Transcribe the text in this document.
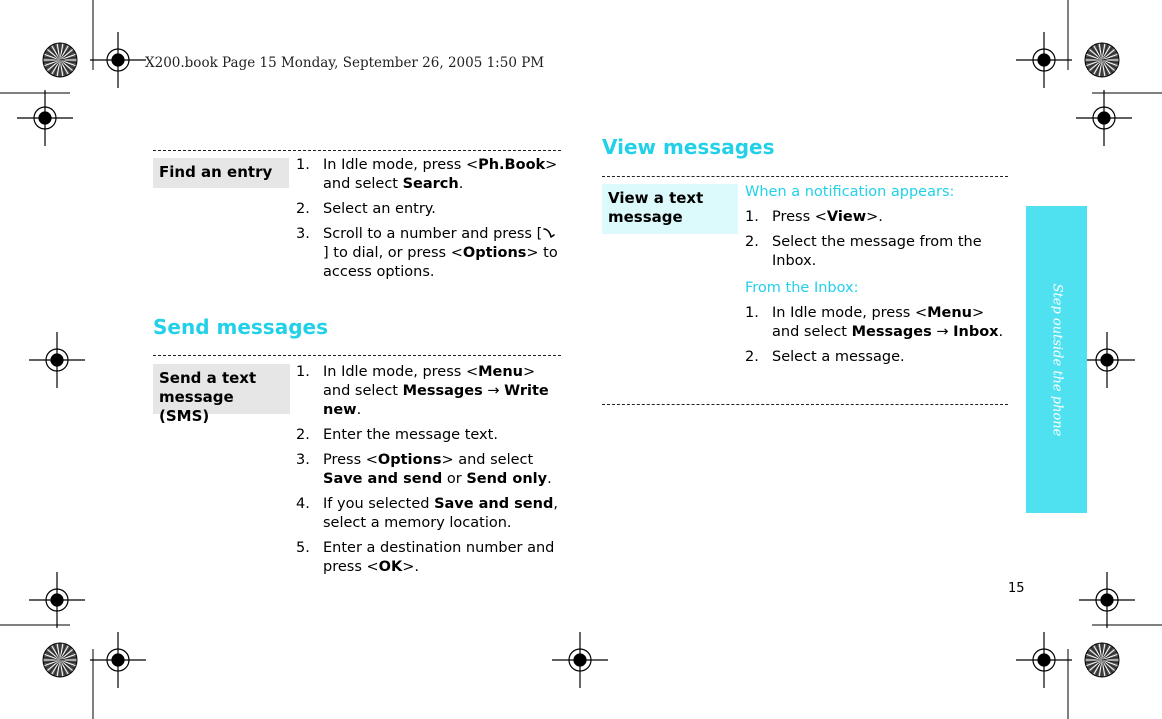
X200.book Page 15 Monday, September 26, 2005 1:50 PM
Find an entry	1. In Idle mode, press <Ph.Book> and select Search.
2. Select an entry.
3. Scroll to a number and press [] to dial, or press <Options> to access options.
Send messages
Send a text message (SMS)
1. In Idle mode, press <Menu> and select Messages → Write new.
2. Enter the message text.
3. Press <Options> and select Save and send or Send only.
4. If you selected Save and send, select a memory location.
5. Enter a destination number and press <OK>.
View messages
View a text message
When a notification appears:
1. Press <View>.
2. Select the message from the Inbox.
From the Inbox:
1. In Idle mode, press <Menu> and select Messages → Inbox.
2. Select a message.	Step outside the phone
15
